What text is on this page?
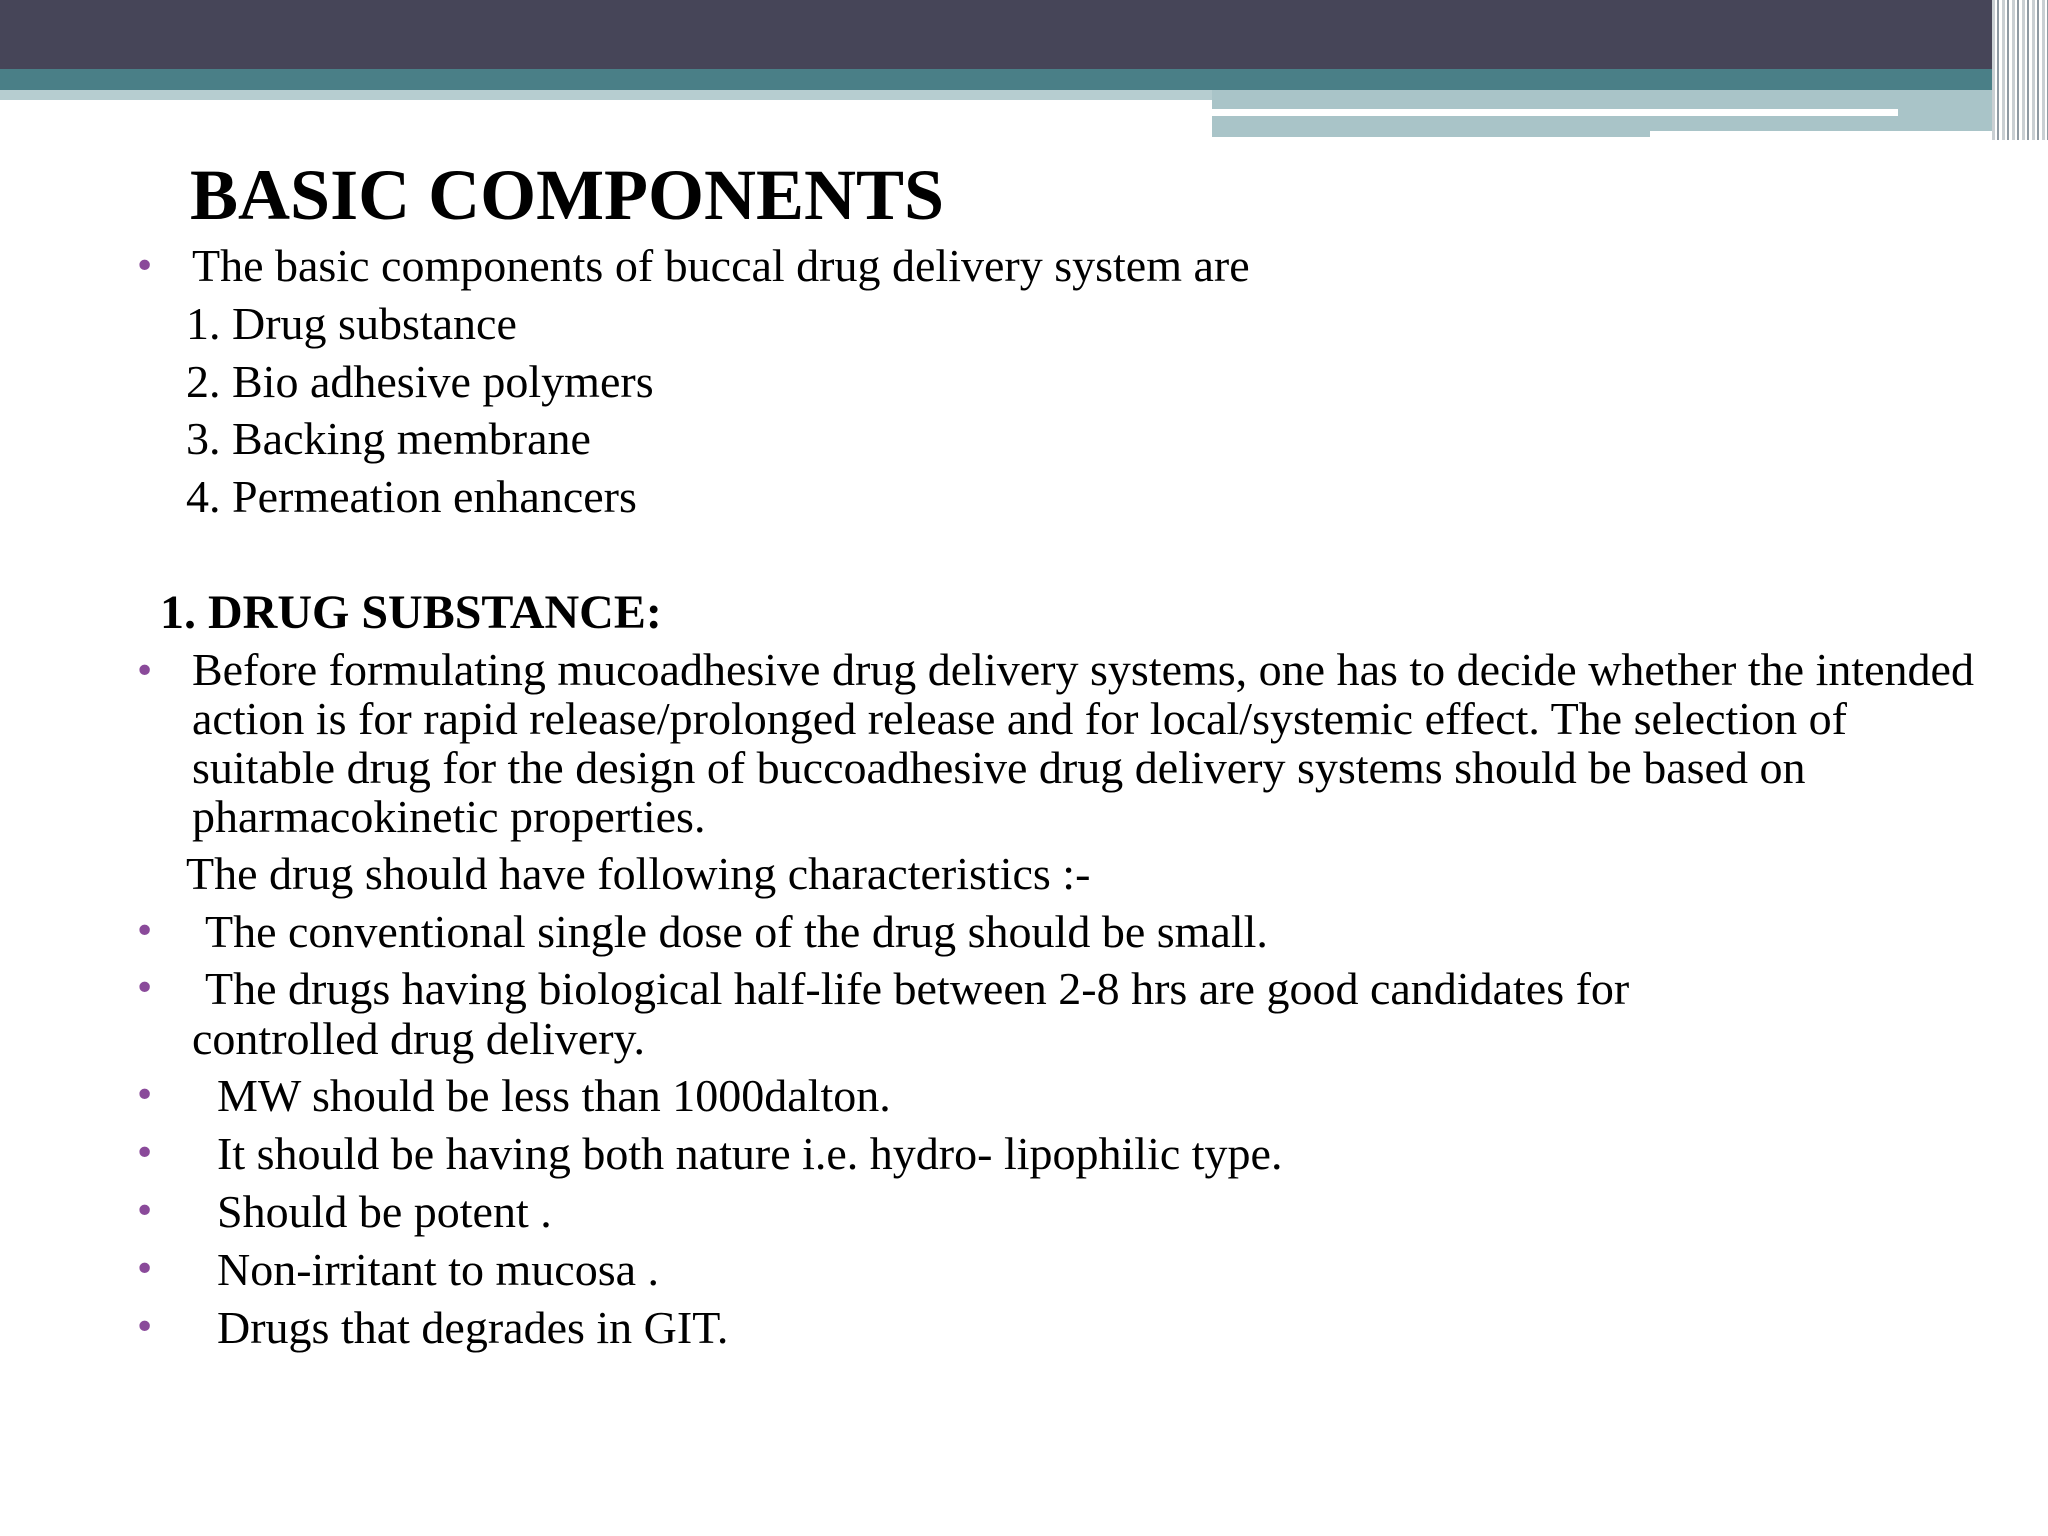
BASIC COMPONENTS
• The basic components of buccal drug delivery system are
1. Drug substance
2. Bio adhesive polymers
3. Backing membrane
4. Permeation enhancers
1. DRUG SUBSTANCE:
• Before formulating mucoadhesive drug delivery systems, one has to decide whether the intended action is for rapid release/prolonged release and for local/systemic effect. The selection of suitable drug for the design of buccoadhesive drug delivery systems should be based on pharmacokinetic properties.
The drug should have following characteristics :-
• The conventional single dose of the drug should be small.
• The drugs having biological half-life between 2-8 hrs are good candidates for
controlled drug delivery.
• MW should be less than 1000dalton.
• It should be having both nature i.e. hydro- lipophilic type.
• Should be potent .
• Non-irritant to mucosa .
• Drugs that degrades in GIT.
